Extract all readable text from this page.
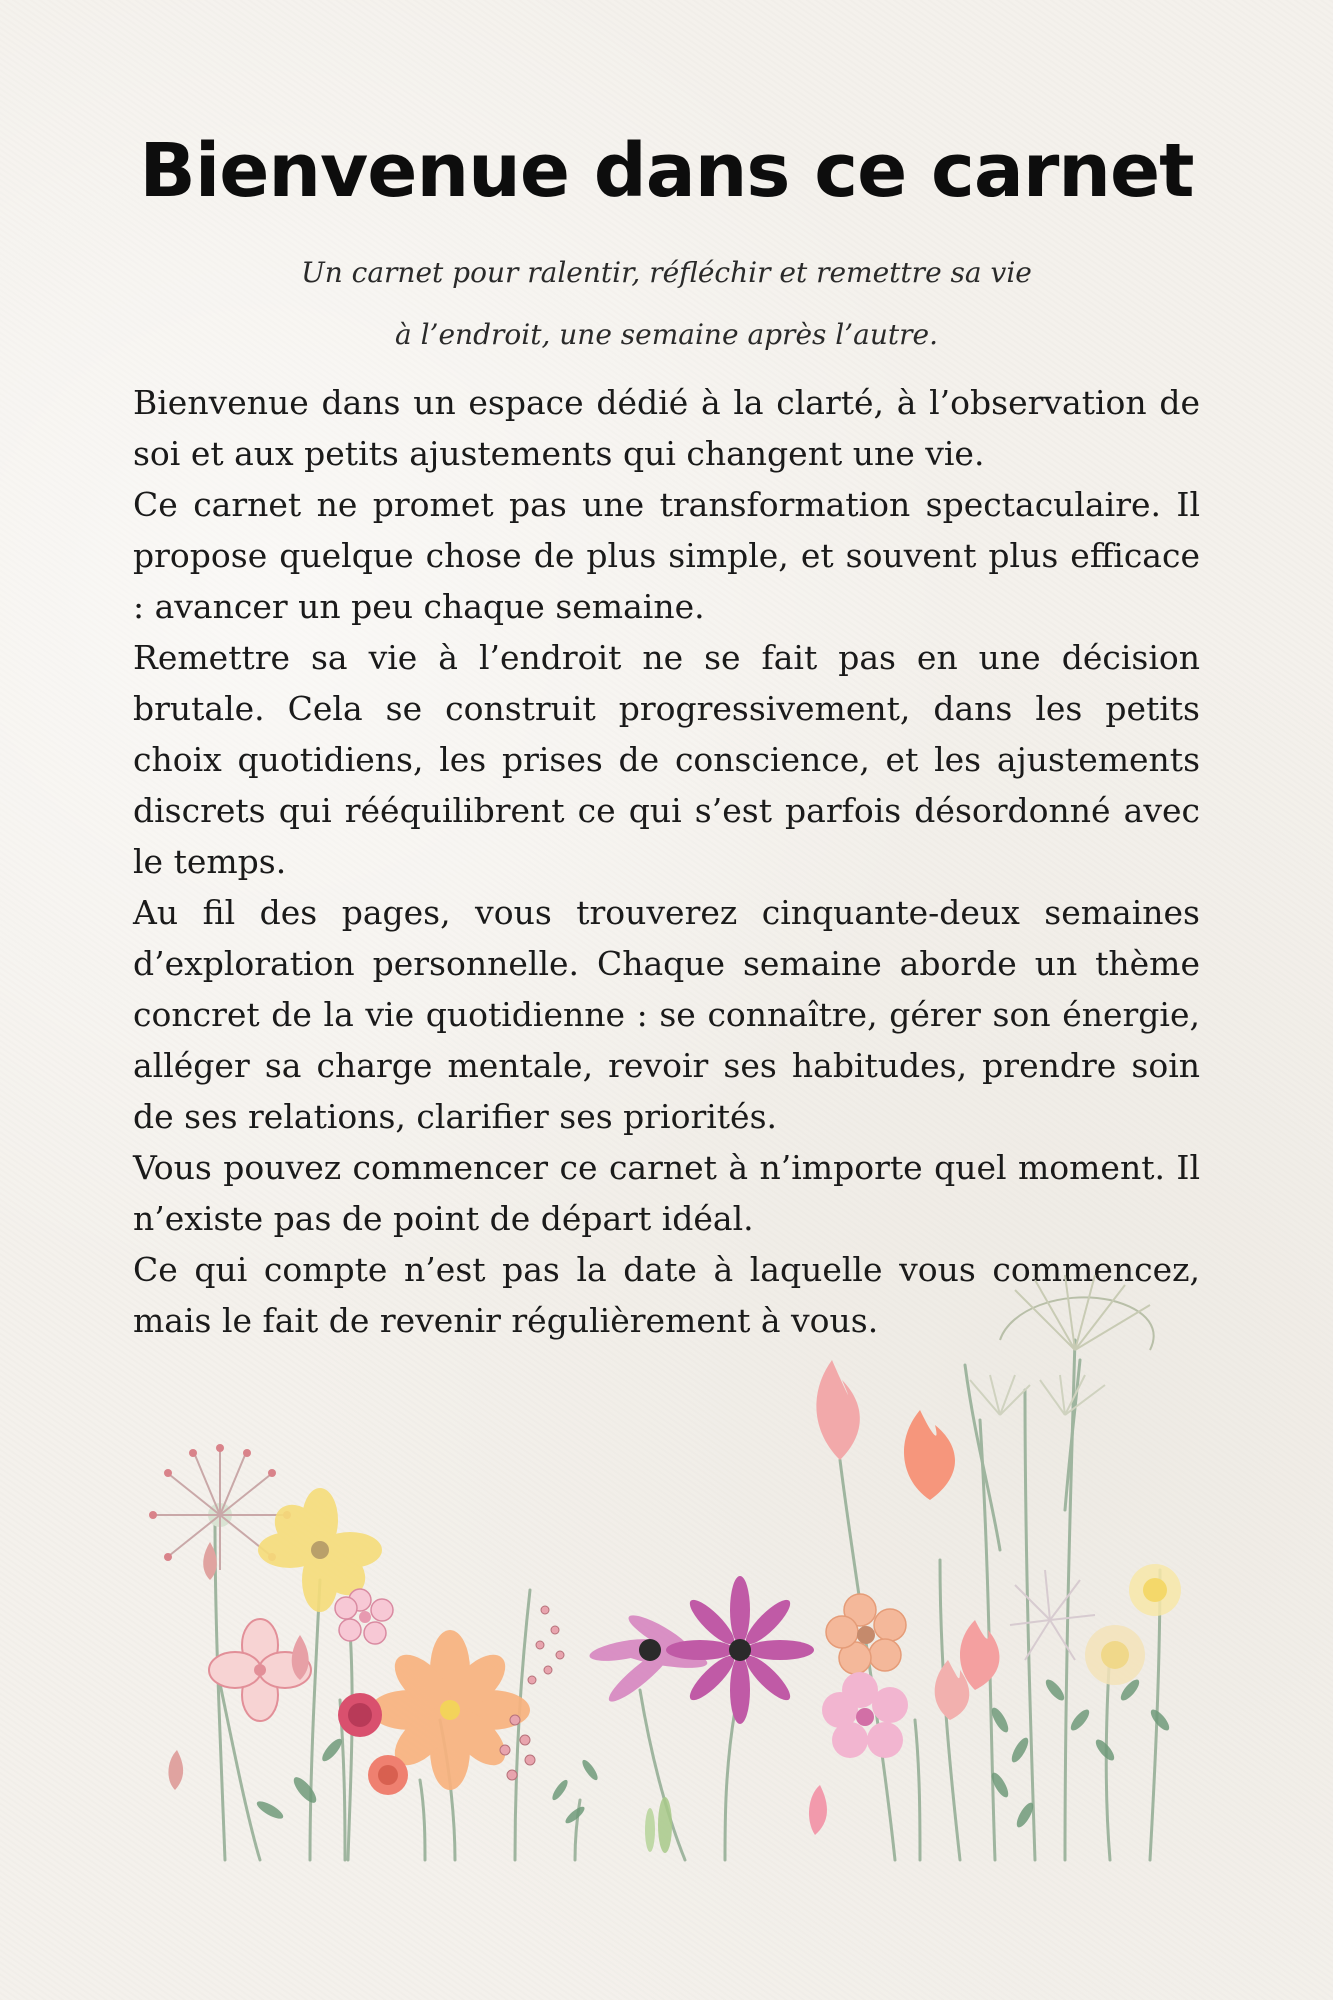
Bienvenue dans ce carnet
Un carnet pour ralentir, réfléchir et remettre sa vie
à l’endroit, une semaine après l’autre.

Bienvenue dans un espace dédié à la clarté, à l’observation de soi et aux petits ajustements qui changent une vie.

Ce carnet ne promet pas une transformation spectaculaire. Il propose quelque chose de plus simple, et souvent plus efficace : avancer un peu chaque semaine.

Remettre sa vie à l’endroit ne se fait pas en une décision brutale. Cela se construit progressivement, dans les petits choix quotidiens, les prises de conscience, et les ajustements discrets qui rééquilibrent ce qui s’est parfois désordonné avec le temps.

Au fil des pages, vous trouverez cinquante-deux semaines d’exploration personnelle. Chaque semaine aborde un thème concret de la vie quotidienne : se connaître, gérer son énergie, alléger sa charge mentale, revoir ses habitudes, prendre soin de ses relations, clarifier ses priorités.

Vous pouvez commencer ce carnet à n’importe quel moment. Il n’existe pas de point de départ idéal.

Ce qui compte n’est pas la date à laquelle vous commencez, mais le fait de revenir régulièrement à vous.
